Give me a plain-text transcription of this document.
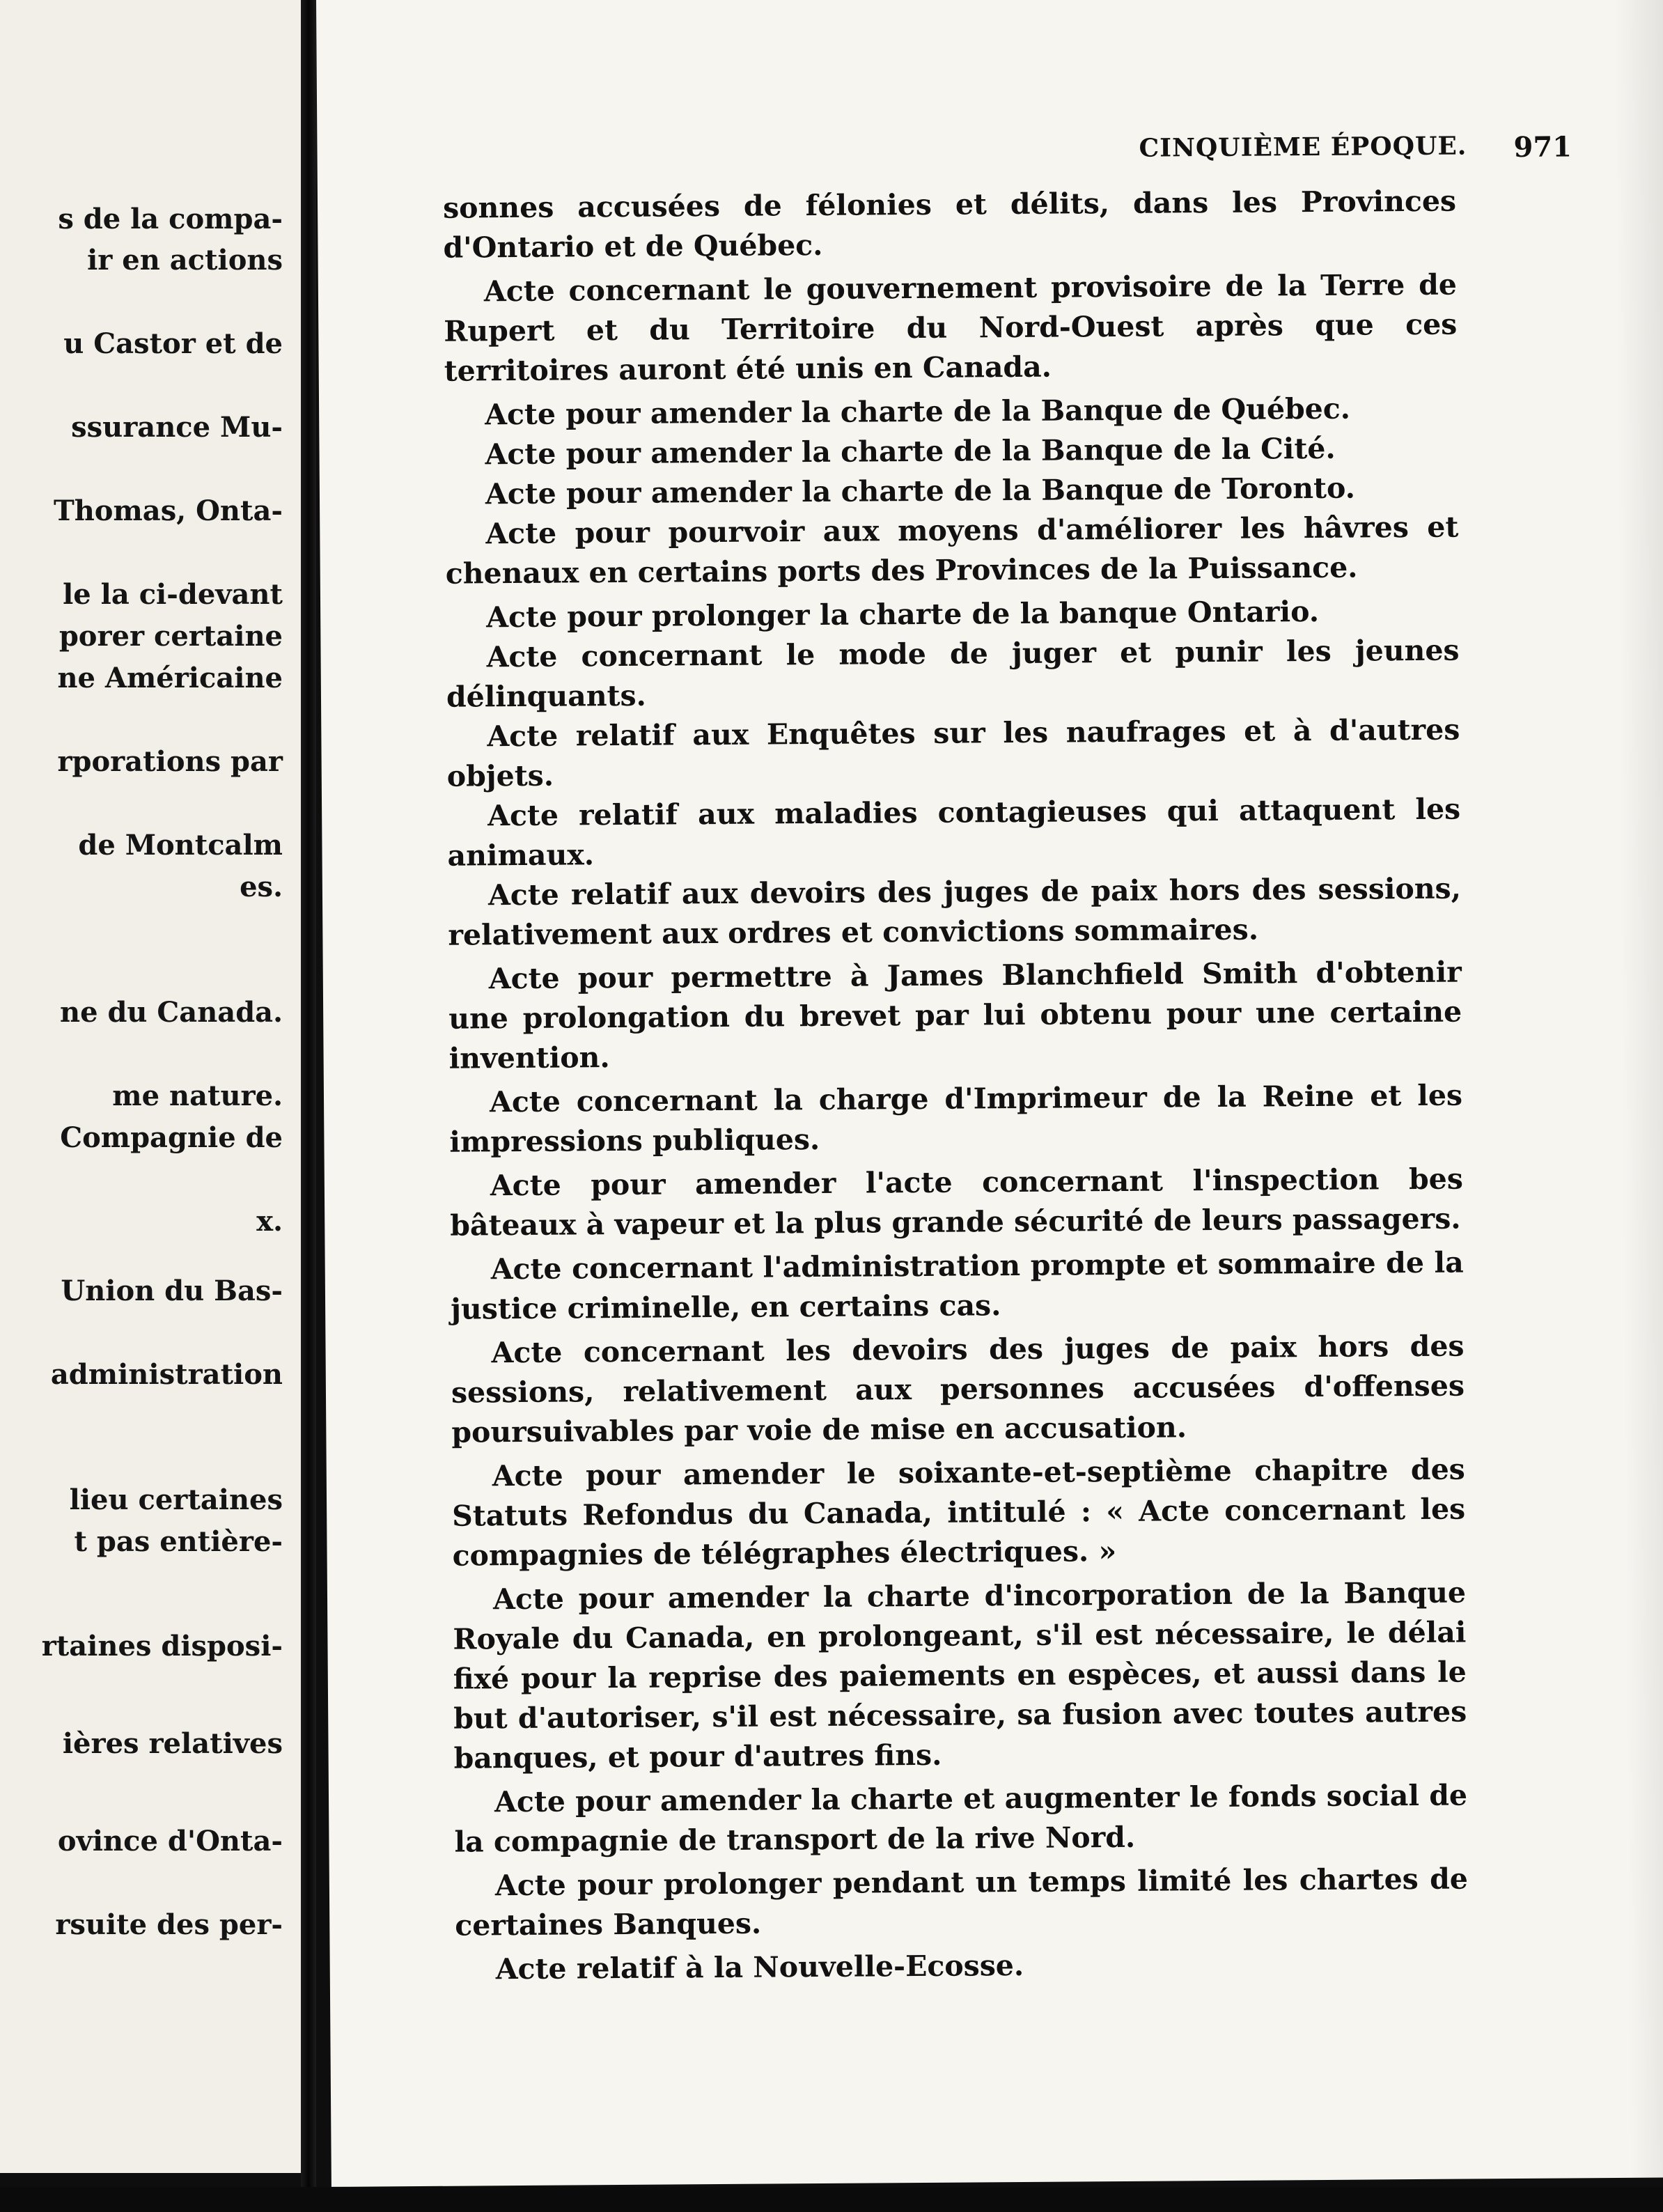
s de la compa-
ir en actions
u Castor et de
ssurance Mu-
Thomas, Onta-
le la ci-devant
porer certaine
ne Américaine
rporations par
de Montcalm
es.
ne du Canada.
me nature.
Compagnie de
x.
Union du Bas-
administration
lieu certaines
t pas entière-
rtaines disposi-
ières relatives
ovince d'Onta-
rsuite des per-
CINQUIÈME ÉPOQUE. 971

sonnes accusées de félonies et délits, dans les Provinces d'Ontario et de Québec.

Acte concernant le gouvernement provisoire de la Terre de Rupert et du Territoire du Nord-Ouest après que ces territoires auront été unis en Canada.

Acte pour amender la charte de la Banque de Québec.

Acte pour amender la charte de la Banque de la Cité.

Acte pour amender la charte de la Banque de Toronto.

Acte pour pourvoir aux moyens d'améliorer les hâvres et chenaux en certains ports des Provinces de la Puissance.

Acte pour prolonger la charte de la banque Ontario.

Acte concernant le mode de juger et punir les jeunes délinquants.

Acte relatif aux Enquêtes sur les naufrages et à d'autres objets.

Acte relatif aux maladies contagieuses qui attaquent les animaux.

Acte relatif aux devoirs des juges de paix hors des sessions, relativement aux ordres et convictions sommaires.

Acte pour permettre à James Blanchfield Smith d'obtenir une prolongation du brevet par lui obtenu pour une certaine invention.

Acte concernant la charge d'Imprimeur de la Reine et les impressions publiques.

Acte pour amender l'acte concernant l'inspection bes bâteaux à vapeur et la plus grande sécurité de leurs passagers.

Acte concernant l'administration prompte et sommaire de la justice criminelle, en certains cas.

Acte concernant les devoirs des juges de paix hors des sessions, relativement aux personnes accusées d'offenses poursuivables par voie de mise en accusation.

Acte pour amender le soixante-et-septième chapitre des Statuts Refondus du Canada, intitulé : « Acte concernant les compagnies de télégraphes électriques. »

Acte pour amender la charte d'incorporation de la Banque Royale du Canada, en prolongeant, s'il est nécessaire, le délai fixé pour la reprise des paiements en espèces, et aussi dans le but d'autoriser, s'il est nécessaire, sa fusion avec toutes autres banques, et pour d'autres fins.

Acte pour amender la charte et augmenter le fonds social de la compagnie de transport de la rive Nord.

Acte pour prolonger pendant un temps limité les chartes de certaines Banques.

Acte relatif à la Nouvelle-Ecosse.
